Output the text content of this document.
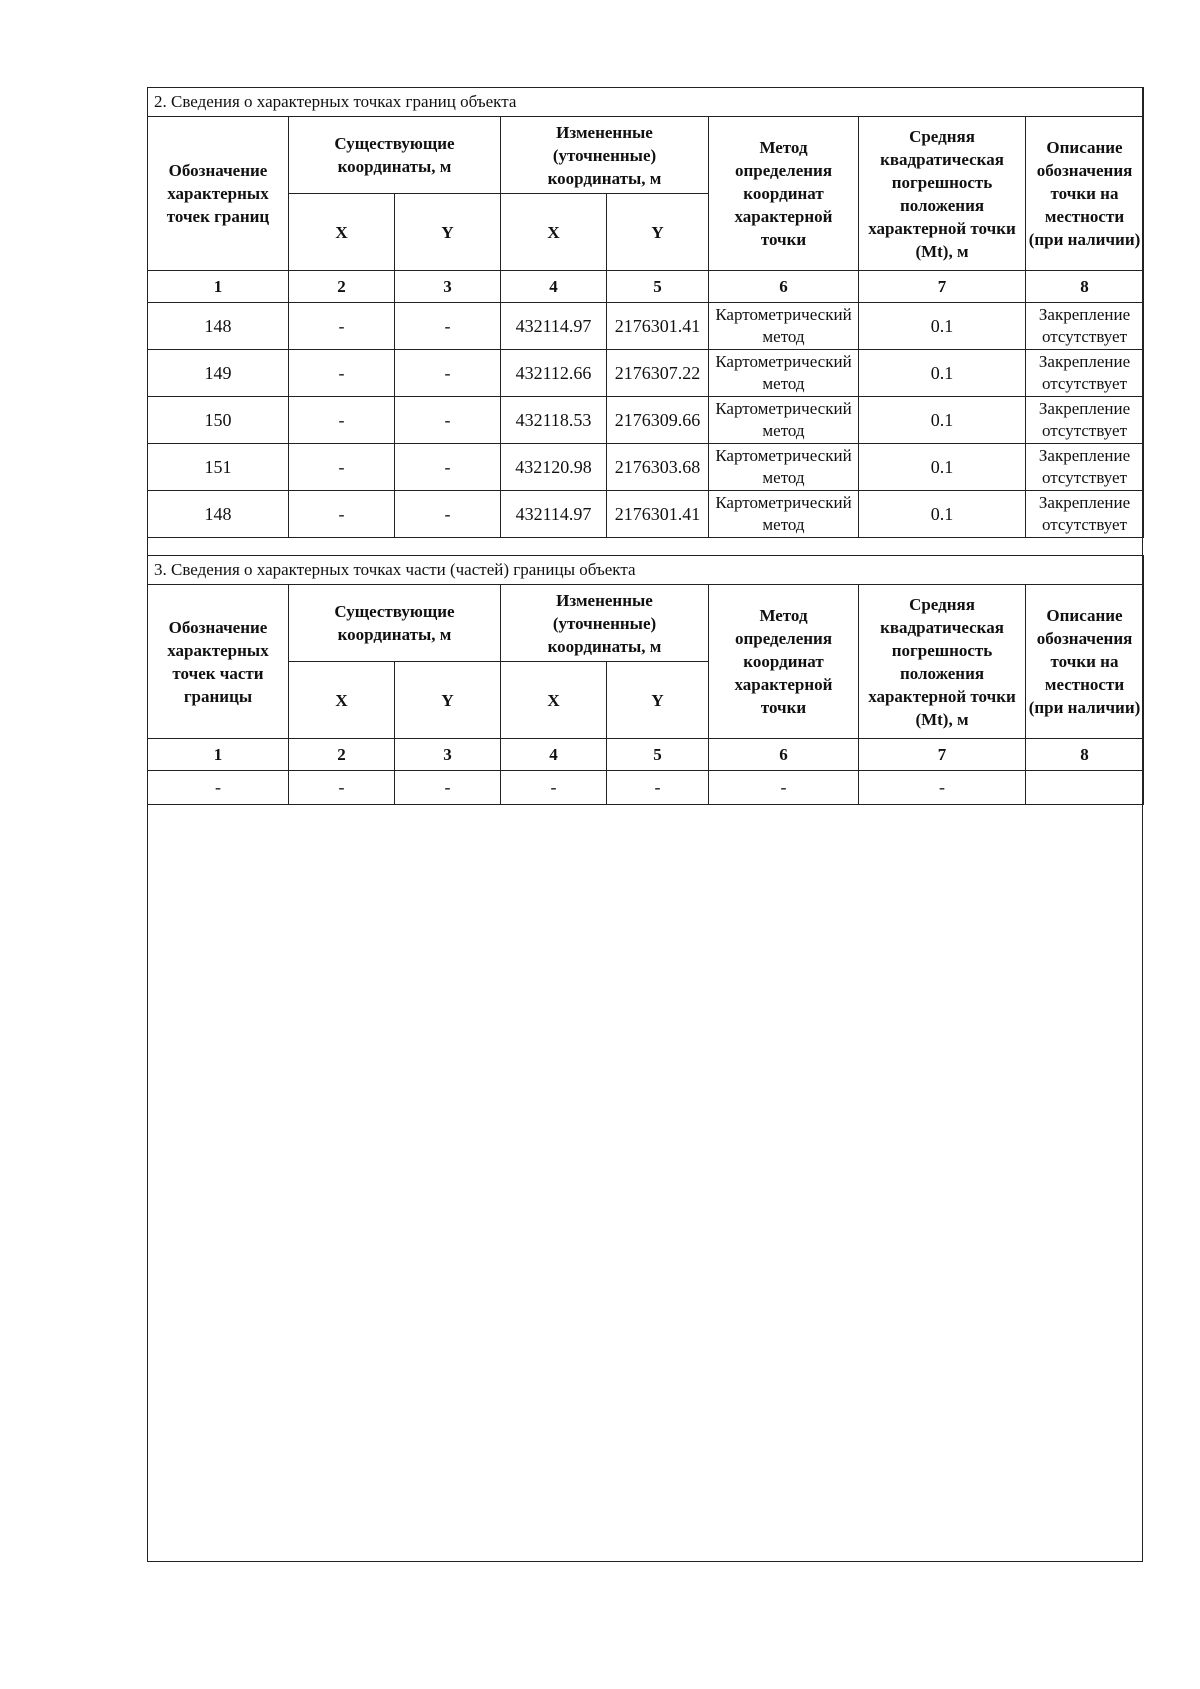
2. Сведения о характерных точках границ объекта							
Обозначение характерных точек границ	Существующие координаты, м		Измененные (уточненные) координаты, м		Метод определения координат характерной точки	Средняя квадратическая погрешность положения характерной точки (Mt), м	Описание обозначения точки на местности (при наличии)
	X	Y	X	Y			
1	2	3	4	5	6	7	8
148	-	-	432114.97	2176301.41	Картометрический метод	0.1	Закрепление отсутствует
149	-	-	432112.66	2176307.22	Картометрический метод	0.1	Закрепление отсутствует
150	-	-	432118.53	2176309.66	Картометрический метод	0.1	Закрепление отсутствует
151	-	-	432120.98	2176303.68	Картометрический метод	0.1	Закрепление отсутствует
148	-	-	432114.97	2176301.41	Картометрический метод	0.1	Закрепление отсутствует
3. Сведения о характерных точках части (частей) границы объекта							
Обозначение характерных точек части границы	Существующие координаты, м		Измененные (уточненные) координаты, м		Метод определения координат характерной точки	Средняя квадратическая погрешность положения характерной точки (Mt), м	Описание обозначения точки на местности (при наличии)
	X	Y	X	Y			
1	2	3	4	5	6	7	8
-	-	-	-	-	-	-	
